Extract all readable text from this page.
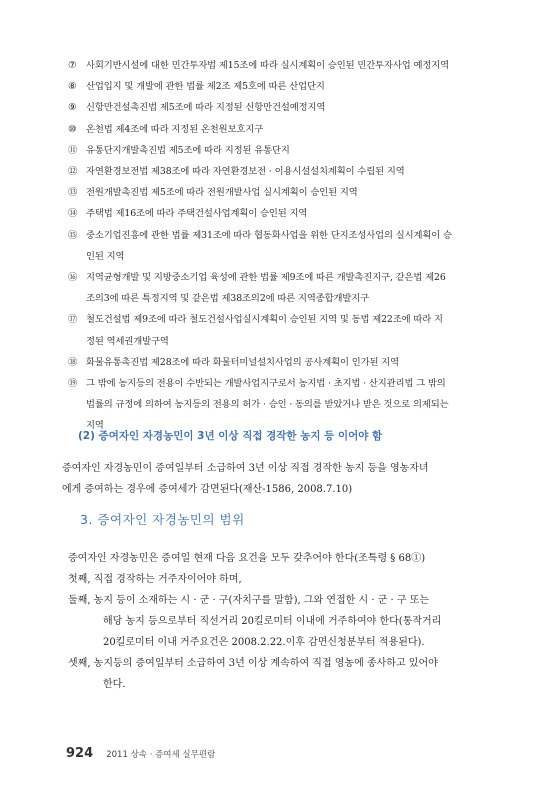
⑦	사회기반시설에 대한 민간투자법 제15조에 따라 실시계획이 승인된 민간투자사업 예정지역
⑧	산업입지 및 개발에 관한 법률 제2조 제5호에 따른 산업단지
⑨	신항만건설촉진법 제5조에 따라 지정된 신항만건설예정지역
⑩	온천법 제4조에 따라 지정된 온천원보호지구
⑪ 유통단지개발촉진법 제5조에 따라 지정된 유통단지
⑫ 자연환경보전법 제38조에 따라 자연환경보전 · 이용시설설치계획이 수립된 지역
⑬ 전원개발촉진법 제5조에 따라 전원개발사업 실시계획이 승인된 지역
⑭ 주택법 제16조에 따라 주택건설사업계획이 승인된 지역
⑮ 중소기업진흥에 관한 법률 제31조에 따라 협동화사업을 위한 단지조성사업의 실시계획이 승
인된 지역
⑯ 지역균형개발 및 지방중소기업 육성에 관한 법률 제9조에 따른 개발촉진지구, 같은법 제26
조의3에 따른 특정지역 및 같은법 제38조의2에 따른 지역종합개발지구
⑰ 철도건설법 제9조에 따라 철도건설사업실시계획이 승인된 지역 및 동법 제22조에 따라 지
정된 역세권개발구역
⑱ 화물유통촉진법 제28조에 따라 화물터미널설치사업의 공사계획이 인가된 지역
⑲ 그 밖에 농지등의 전용이 수반되는 개발사업지구로서 농지법 · 초지법 · 산지관리법 그 밖의
법률의 규정에 의하여 농지등의 전용의 허가 · 승인 · 동의를 받았거나 받은 것으로 의제되는
지역
(2) 증여자인 자경농민이 3년 이상 직접 경작한 농지 등 이어야 함
증여자인 자경농민이 증여일부터 소급하여 3년 이상 직접 경작한 농지 등을 영농자녀
에게 증여하는 경우에 증여세가 감면된다(재산-1586, 2008.7.10)
3. 증여자인 자경농민의 범위
증여자인 자경농민은 증여일 현재 다음 요건을 모두 갖추어야 한다(조특령 § 68①)
첫째, 직접 경작하는 거주자이어야 하며,
둘째, 농지 등이 소재하는 시 · 군 · 구(자치구를 말함), 그와 연접한 시 · 군 · 구 또는
해당 농지 등으로부터 직선거리 20킬로미터 이내에 거주하여야 한다(통작거리
20킬로미터 이내 거주요건은 2008.2.22.이후 감면신청분부터 적용된다).
셋째, 농지등의 증여일부터 소급하여 3년 이상 계속하여 직접 영농에 종사하고 있어야
한다.
924 2011 상속 · 증여세 실무편람
